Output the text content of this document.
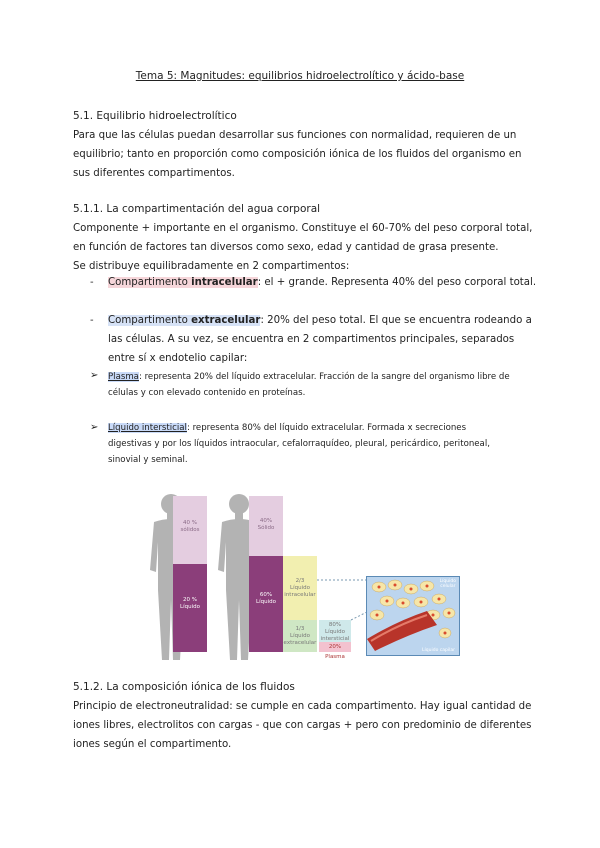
Tema 5: Magnitudes: equilibrios hidroelectrolítico y ácido-base
5.1. Equilibrio hidroelectrolítico
Para que las células puedan desarrollar sus funciones con normalidad, requieren de un
equilibrio; tanto en proporción como composición iónica de los fluidos del organismo en
sus diferentes compartimentos.
5.1.1. La compartimentación del agua corporal
Componente + importante en el organismo. Constituye el 60-70% del peso corporal total,
en función de factores tan diversos como sexo, edad y cantidad de grasa presente.
Se distribuye equilibradamente en 2 compartimentos:
- Compartimento intracelular: el + grande. Representa 40% del peso corporal total.
- Compartimento extracelular: 20% del peso total. El que se encuentra rodeando a
las células. A su vez, se encuentra en 2 compartimentos principales, separados
entre sí x endotelio capilar:
➢ Plasma: representa 20% del líquido extracelular. Fracción de la sangre del organismo libre de
células y con elevado contenido en proteínas.
➢ Líquido intersticial: representa 80% del líquido extracelular. Formada x secreciones
digestivas y por los líquidos intraocular, cefalorraquídeo, pleural, pericárdico, peritoneal,
sinovial y seminal.
40 %
sólidos
20 %
Líquido
40%
Sólido
60%
Líquido
2/3
Líquido
intracelular
1/3
Líquido
extracelular
80%
Líquido
intersticial
20% Plasma
Líquido
celular
Líquido capilar
5.1.2. La composición iónica de los fluidos
Principio de electroneutralidad: se cumple en cada compartimento. Hay igual cantidad de
iones libres, electrolitos con cargas - que con cargas + pero con predominio de diferentes
iones según el compartimento.
